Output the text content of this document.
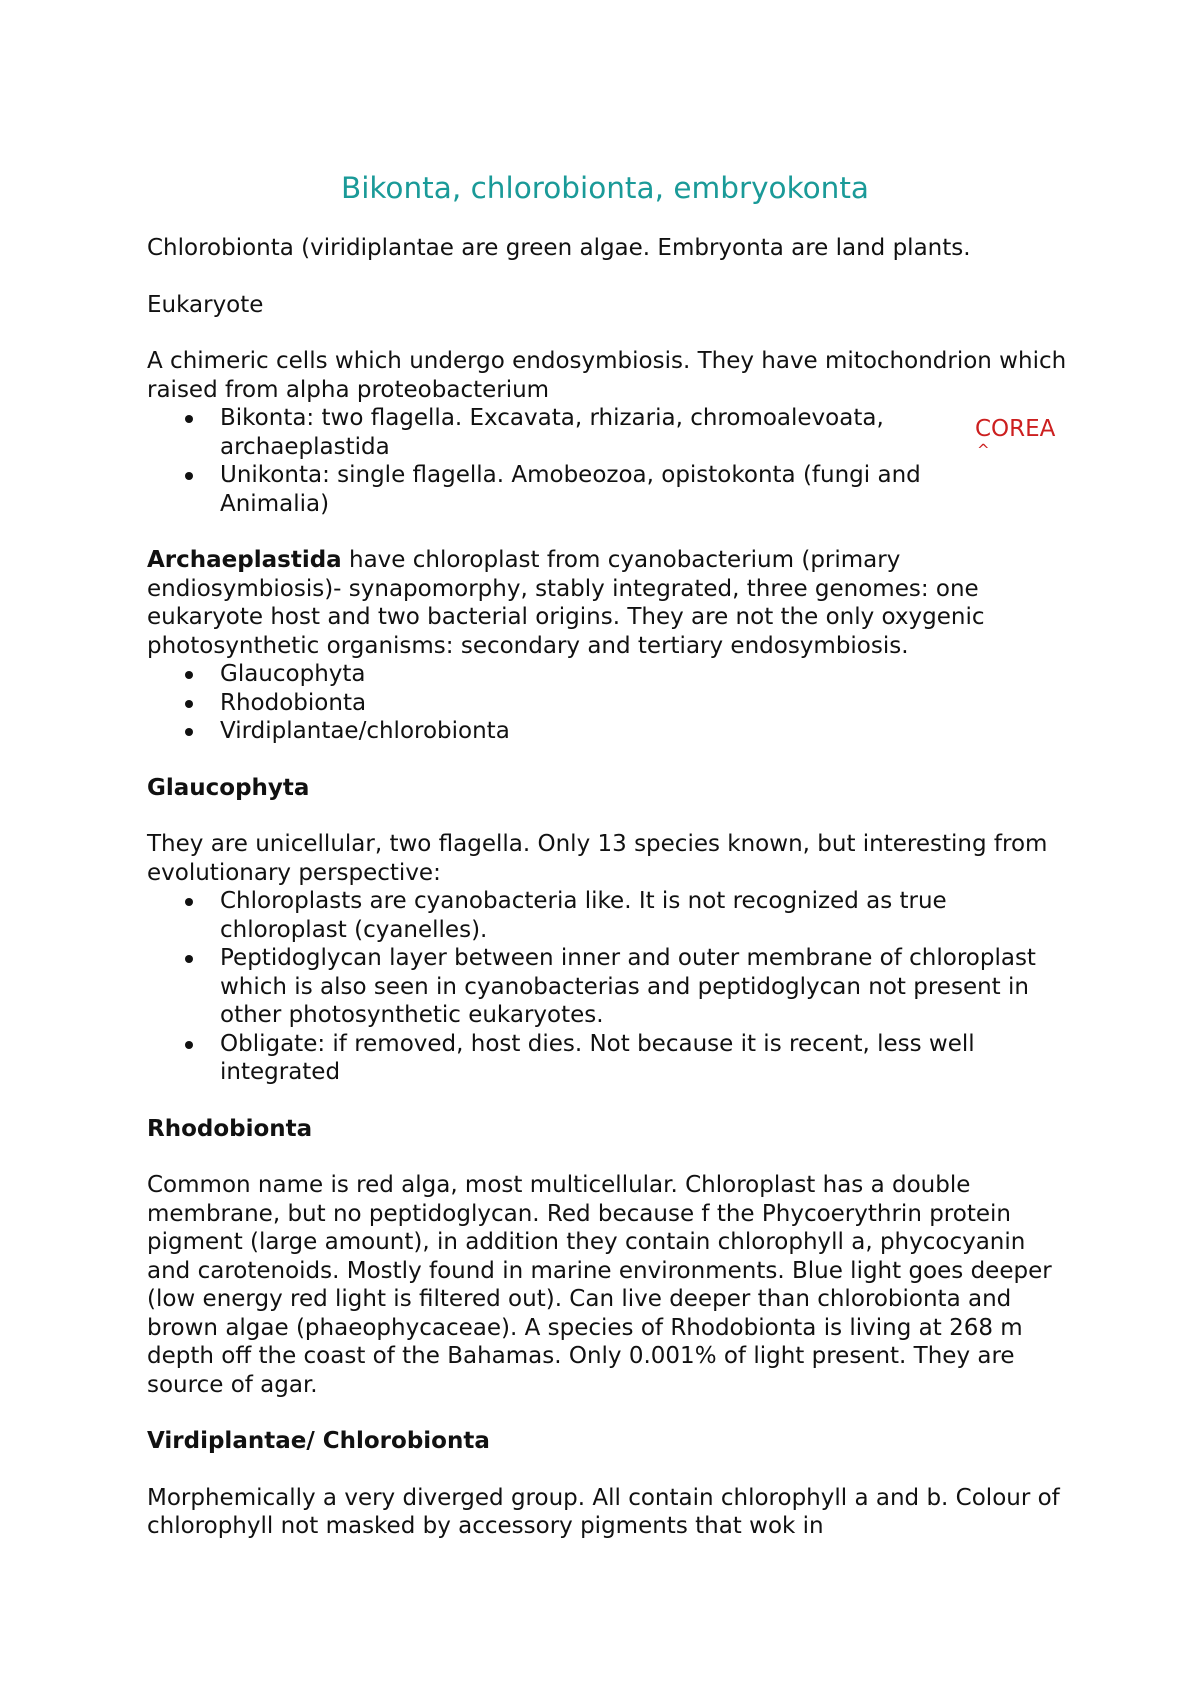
Bikonta, chlorobionta, embryokonta

Chlorobionta (viridiplantae are green algae. Embryonta are land plants.

Eukaryote

A chimeric cells which undergo endosymbiosis. They have mitochondrion which raised from alpha proteobacterium

Bikonta: two flagella. Excavata, rhizaria, chromoalevoata, archaeplastida
Unikonta: single flagella. Amobeozoa, opistokonta (fungi and Animalia)

Archaeplastida have chloroplast from cyanobacterium (primary endiosymbiosis)- synapomorphy, stably integrated, three genomes: one eukaryote host and two bacterial origins. They are not the only oxygenic photosynthetic organisms: secondary and tertiary endosymbiosis.

Glaucophyta
Rhodobionta
Virdiplantae/chlorobionta
Glaucophyta

They are unicellular, two flagella. Only 13 species known, but interesting from evolutionary perspective:

Chloroplasts are cyanobacteria like. It is not recognized as true chloroplast (cyanelles).
Peptidoglycan layer between inner and outer membrane of chloroplast which is also seen in cyanobacterias and peptidoglycan not present in other photosynthetic eukaryotes.
Obligate: if removed, host dies. Not because it is recent, less well integrated
Rhodobionta

Common name is red alga, most multicellular. Chloroplast has a double membrane, but no peptidoglycan. Red because f the Phycoerythrin protein pigment (large amount), in addition they contain chlorophyll a, phycocyanin and carotenoids. Mostly found in marine environments. Blue light goes deeper (low energy red light is filtered out). Can live deeper than chlorobionta and brown algae (phaeophycaceae). A species of Rhodobionta is living at 268 m depth off the coast of the Bahamas. Only 0.001% of light present. They are source of agar.

Virdiplantae/ Chlorobionta

Morphemically a very diverged group. All contain chlorophyll a and b. Colour of chlorophyll not masked by accessory pigments that wok in

COREA
^
